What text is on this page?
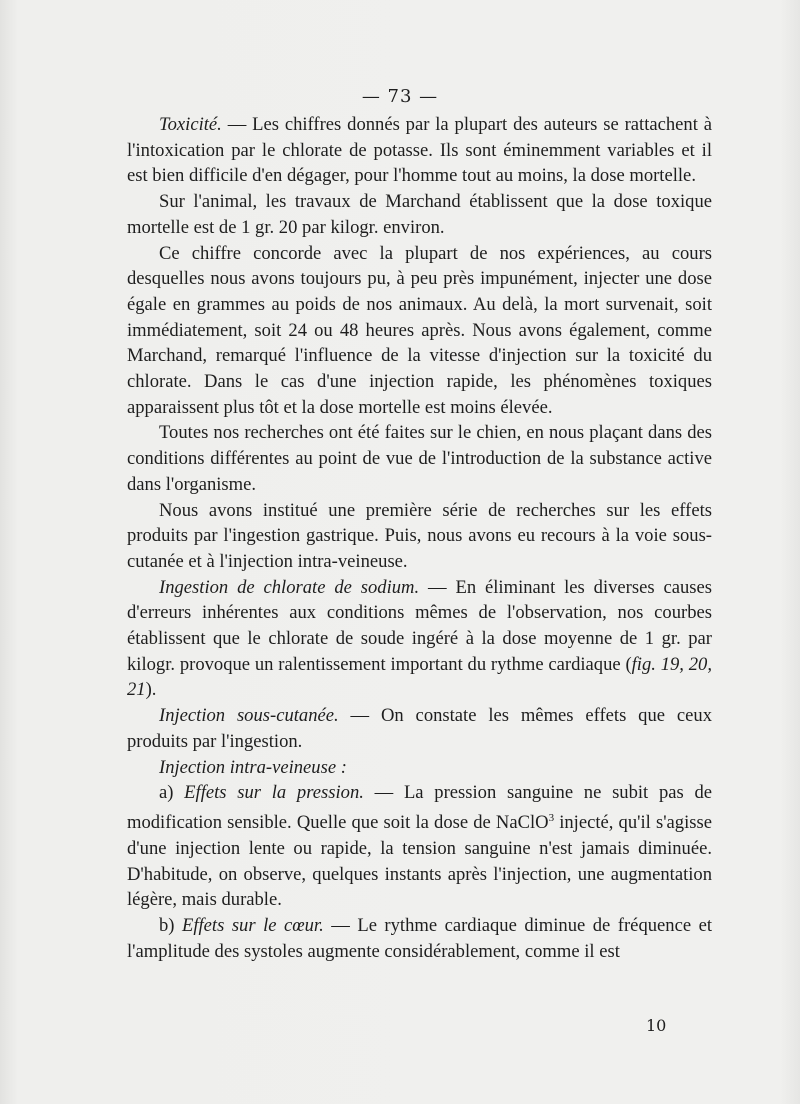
— 73 —

Toxicité. — Les chiffres donnés par la plupart des auteurs se rattachent à l'intoxication par le chlorate de potasse. Ils sont éminemment variables et il est bien difficile d'en dégager, pour l'homme tout au moins, la dose mortelle.

Sur l'animal, les travaux de Marchand établissent que la dose toxique mortelle est de 1 gr. 20 par kilogr. environ.

Ce chiffre concorde avec la plupart de nos expériences, au cours desquelles nous avons toujours pu, à peu près impunément, injecter une dose égale en grammes au poids de nos animaux. Au delà, la mort survenait, soit immédiatement, soit 24 ou 48 heures après. Nous avons également, comme Marchand, remarqué l'influence de la vitesse d'injection sur la toxicité du chlorate. Dans le cas d'une injection rapide, les phénomènes toxiques apparaissent plus tôt et la dose mortelle est moins élevée.

Toutes nos recherches ont été faites sur le chien, en nous plaçant dans des conditions différentes au point de vue de l'introduction de la substance active dans l'organisme.

Nous avons institué une première série de recherches sur les effets produits par l'ingestion gastrique. Puis, nous avons eu recours à la voie sous-cutanée et à l'injection intra-veineuse.

Ingestion de chlorate de sodium. — En éliminant les diverses causes d'erreurs inhérentes aux conditions mêmes de l'observation, nos courbes établissent que le chlorate de soude ingéré à la dose moyenne de 1 gr. par kilogr. provoque un ralentissement important du rythme cardiaque (fig. 19, 20, 21).

Injection sous-cutanée. — On constate les mêmes effets que ceux produits par l'ingestion.

Injection intra-veineuse :

a) Effets sur la pression. — La pression sanguine ne subit pas de modification sensible. Quelle que soit la dose de NaClO$^3$ injecté, qu'il s'agisse d'une injection lente ou rapide, la tension sanguine n'est jamais diminuée. D'habitude, on observe, quelques instants après l'injection, une augmentation légère, mais durable.

b) Effets sur le cœur. — Le rythme cardiaque diminue de fréquence et l'amplitude des systoles augmente considérablement, comme il est

10
